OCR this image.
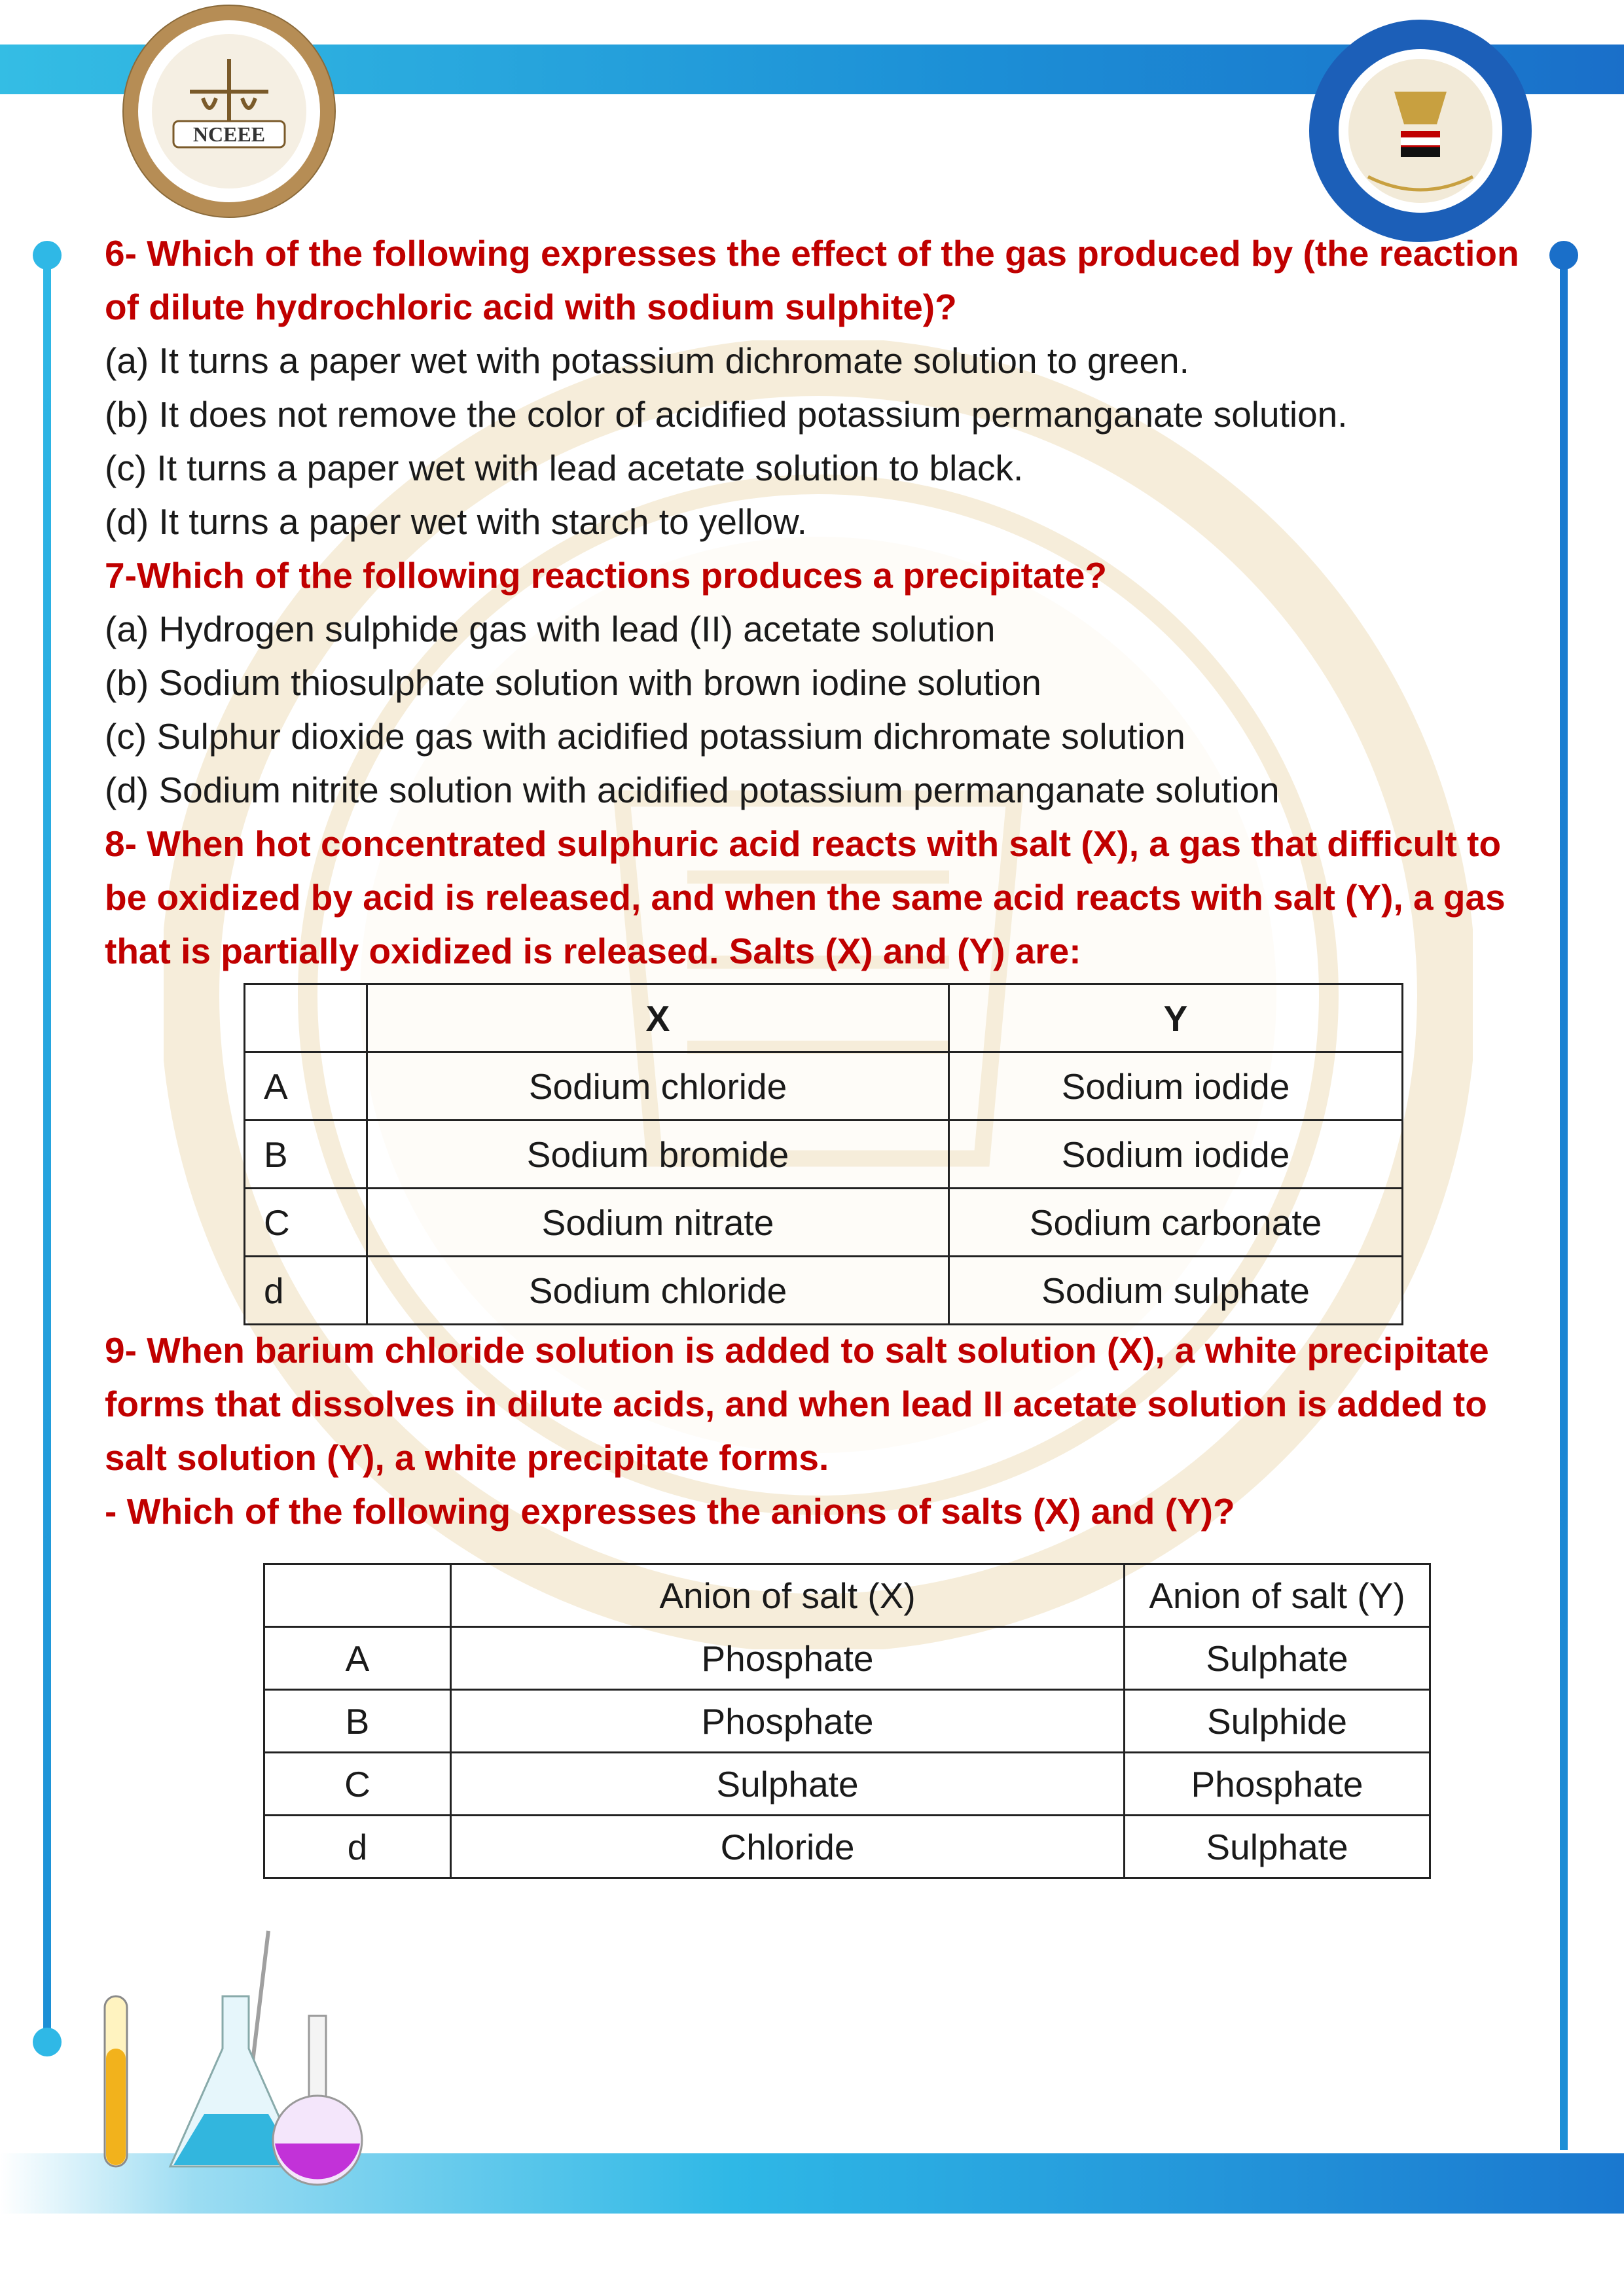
NCEEE
6- Which of the following expresses the effect of the gas produced by (the reaction
of dilute hydrochloric acid with sodium sulphite)?
(a) It turns a paper wet with potassium dichromate solution to green.
(b) It does not remove the color of acidified potassium permanganate solution.
(c) It turns a paper wet with lead acetate solution to black.
(d) It turns a paper wet with starch to yellow.
7-Which of the following reactions produces a precipitate?
(a) Hydrogen sulphide gas with lead (II) acetate solution
(b) Sodium thiosulphate solution with brown iodine solution
(c) Sulphur dioxide gas with acidified potassium dichromate solution
(d) Sodium nitrite solution with acidified potassium permanganate solution
8- When hot concentrated sulphuric acid reacts with salt (X), a gas that difficult to
be oxidized by acid is released, and when the same acid reacts with salt (Y), a gas
that is partially oxidized is released. Salts (X) and (Y) are:
	X	Y
A	Sodium chloride	Sodium iodide
B	Sodium bromide	Sodium iodide
C	Sodium nitrate	Sodium carbonate
d	Sodium chloride	Sodium sulphate
9- When barium chloride solution is added to salt solution (X), a white precipitate
forms that dissolves in dilute acids, and when lead II acetate solution is added to
salt solution (Y), a white precipitate forms.
- Which of the following expresses the anions of salts (X) and (Y)?
	Anion of salt (X)	Anion of salt (Y)
A	Phosphate	Sulphate
B	Phosphate	Sulphide
C	Sulphate	Phosphate
d	Chloride	Sulphate
